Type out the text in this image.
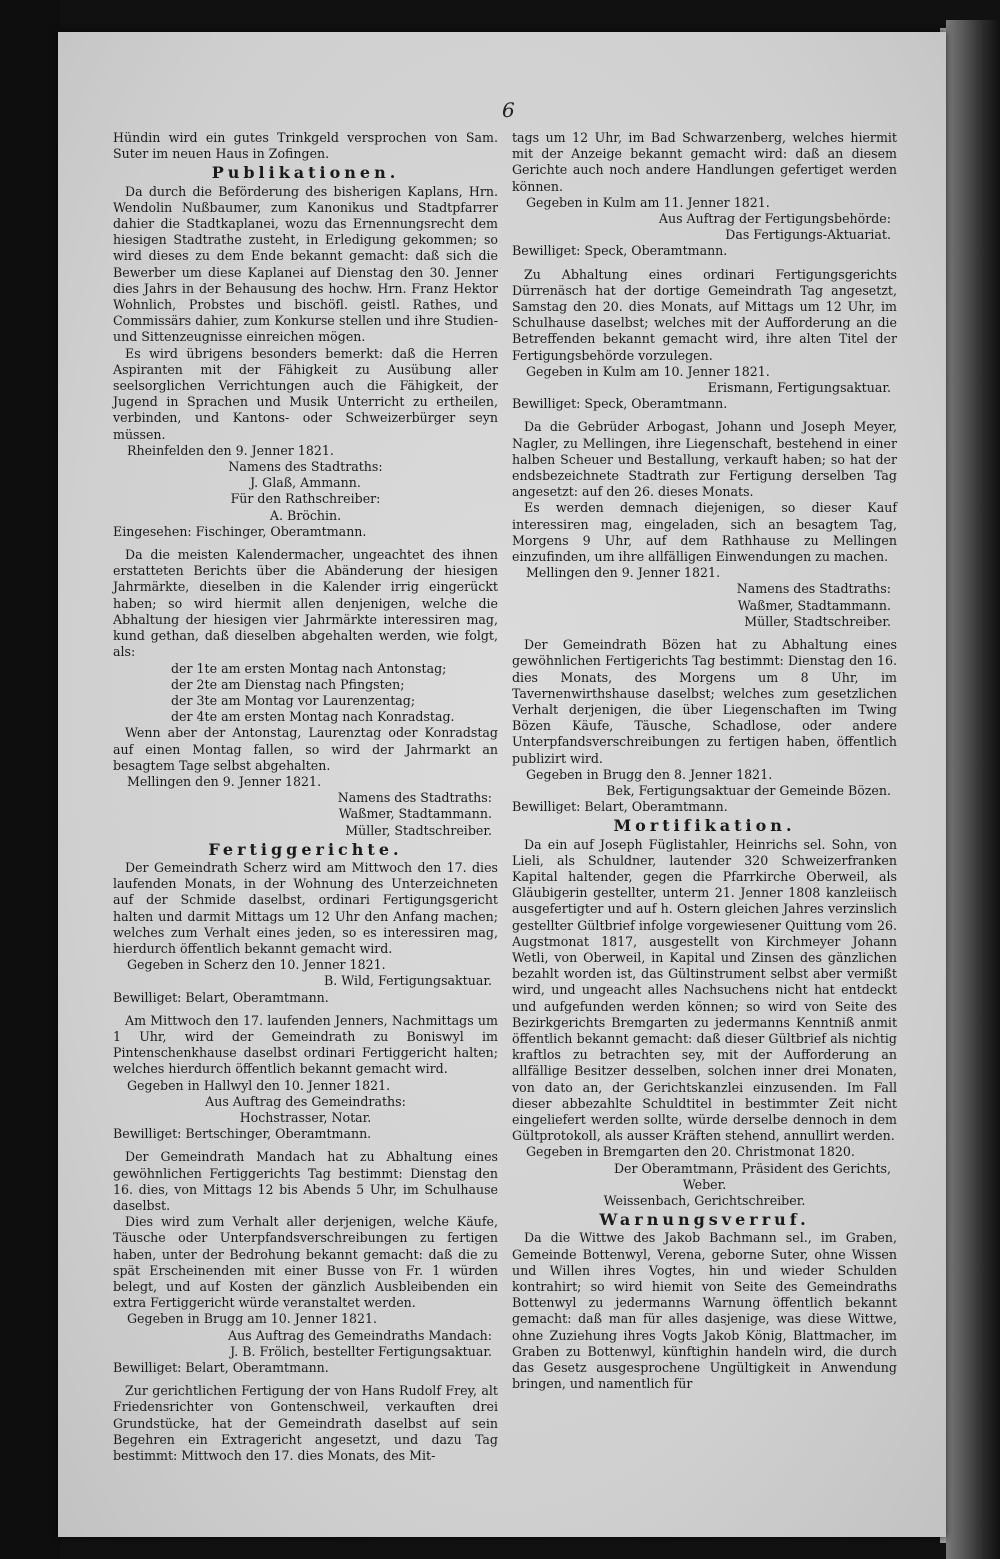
6

Hündin wird ein gutes Trinkgeld versprochen von Sam. Suter im neuen Haus in Zofingen.

Publikationen.

Da durch die Beförderung des bisherigen Kaplans, Hrn. Wendolin Nußbaumer, zum Kanonikus und Stadtpfarrer dahier die Stadtkaplanei, wozu das Ernennungsrecht dem hiesigen Stadtrathe zusteht, in Erledigung gekommen; so wird dieses zu dem Ende bekannt gemacht: daß sich die Bewerber um diese Kaplanei auf Dienstag den 30. Jenner dies Jahrs in der Behausung des hochw. Hrn. Franz Hektor Wohnlich, Probstes und bischöfl. geistl. Rathes, und Commissärs dahier, zum Konkurse stellen und ihre Studien- und Sittenzeugnisse einreichen mögen.

Es wird übrigens besonders bemerkt: daß die Herren Aspiranten mit der Fähigkeit zu Ausübung aller seelsorglichen Verrichtungen auch die Fähigkeit, der Jugend in Sprachen und Musik Unterricht zu ertheilen, verbinden, und Kantons- oder Schweizerbürger seyn müssen.

Rheinfelden den 9. Jenner 1821.

Namens des Stadtraths:

J. Glaß, Ammann.

Für den Rathschreiber:

A. Bröchin.

Eingesehen: Fischinger, Oberamtmann.

Da die meisten Kalendermacher, ungeachtet des ihnen erstatteten Berichts über die Abänderung der hiesigen Jahrmärkte, dieselben in die Kalender irrig eingerückt haben; so wird hiermit allen denjenigen, welche die Abhaltung der hiesigen vier Jahrmärkte interessiren mag, kund gethan, daß dieselben abgehalten werden, wie folgt, als:

der 1te am ersten Montag nach Antonstag;

der 2te am Dienstag nach Pfingsten;

der 3te am Montag vor Laurenzentag;

der 4te am ersten Montag nach Konradstag.

Wenn aber der Antonstag, Laurenztag oder Konradstag auf einen Montag fallen, so wird der Jahrmarkt an besagtem Tage selbst abgehalten.

Mellingen den 9. Jenner 1821.

Namens des Stadtraths:

Waßmer, Stadtammann.

Müller, Stadtschreiber.

Fertiggerichte.

Der Gemeindrath Scherz wird am Mittwoch den 17. dies laufenden Monats, in der Wohnung des Unterzeichneten auf der Schmide daselbst, ordinari Fertigungsgericht halten und darmit Mittags um 12 Uhr den Anfang machen; welches zum Verhalt eines jeden, so es interessiren mag, hierdurch öffentlich bekannt gemacht wird.

Gegeben in Scherz den 10. Jenner 1821.

B. Wild, Fertigungsaktuar.

Bewilliget: Belart, Oberamtmann.

Am Mittwoch den 17. laufenden Jenners, Nachmittags um 1 Uhr, wird der Gemeindrath zu Boniswyl im Pintenschenkhause daselbst ordinari Fertiggericht halten; welches hierdurch öffentlich bekannt gemacht wird.

Gegeben in Hallwyl den 10. Jenner 1821.

Aus Auftrag des Gemeindraths:

Hochstrasser, Notar.

Bewilliget: Bertschinger, Oberamtmann.

Der Gemeindrath Mandach hat zu Abhaltung eines gewöhnlichen Fertiggerichts Tag bestimmt: Dienstag den 16. dies, von Mittags 12 bis Abends 5 Uhr, im Schulhause daselbst.

Dies wird zum Verhalt aller derjenigen, welche Käufe, Täusche oder Unterpfandsverschreibungen zu fertigen haben, unter der Bedrohung bekannt gemacht: daß die zu spät Erscheinenden mit einer Busse von Fr. 1 würden belegt, und auf Kosten der gänzlich Ausbleibenden ein extra Fertiggericht würde veranstaltet werden.

Gegeben in Brugg am 10. Jenner 1821.

Aus Auftrag des Gemeindraths Mandach:

J. B. Frölich, bestellter Fertigungsaktuar.

Bewilliget: Belart, Oberamtmann.

Zur gerichtlichen Fertigung der von Hans Rudolf Frey, alt Friedensrichter von Gontenschweil, verkauften drei Grundstücke, hat der Gemeindrath daselbst auf sein Begehren ein Extragericht angesetzt, und dazu Tag bestimmt: Mittwoch den 17. dies Monats, des Mit-

tags um 12 Uhr, im Bad Schwarzenberg, welches hiermit mit der Anzeige bekannt gemacht wird: daß an diesem Gerichte auch noch andere Handlungen gefertiget werden können.

Gegeben in Kulm am 11. Jenner 1821.

Aus Auftrag der Fertigungsbehörde:

Das Fertigungs-Aktuariat.

Bewilliget: Speck, Oberamtmann.

Zu Abhaltung eines ordinari Fertigungsgerichts Dürrenäsch hat der dortige Gemeindrath Tag angesetzt, Samstag den 20. dies Monats, auf Mittags um 12 Uhr, im Schulhause daselbst; welches mit der Aufforderung an die Betreffenden bekannt gemacht wird, ihre alten Titel der Fertigungsbehörde vorzulegen.

Gegeben in Kulm am 10. Jenner 1821.

Erismann, Fertigungsaktuar.

Bewilliget: Speck, Oberamtmann.

Da die Gebrüder Arbogast, Johann und Joseph Meyer, Nagler, zu Mellingen, ihre Liegenschaft, bestehend in einer halben Scheuer und Bestallung, verkauft haben; so hat der endsbezeichnete Stadtrath zur Fertigung derselben Tag angesetzt: auf den 26. dieses Monats.

Es werden demnach diejenigen, so dieser Kauf interessiren mag, eingeladen, sich an besagtem Tag, Morgens 9 Uhr, auf dem Rathhause zu Mellingen einzufinden, um ihre allfälligen Einwendungen zu machen.

Mellingen den 9. Jenner 1821.

Namens des Stadtraths:

Waßmer, Stadtammann.

Müller, Stadtschreiber.

Der Gemeindrath Bözen hat zu Abhaltung eines gewöhnlichen Fertigerichts Tag bestimmt: Dienstag den 16. dies Monats, des Morgens um 8 Uhr, im Tavernenwirthshause daselbst; welches zum gesetzlichen Verhalt derjenigen, die über Liegenschaften im Twing Bözen Käufe, Täusche, Schadlose, oder andere Unterpfandsverschreibungen zu fertigen haben, öffentlich publizirt wird.

Gegeben in Brugg den 8. Jenner 1821.

Bek, Fertigungsaktuar der Gemeinde Bözen.

Bewilliget: Belart, Oberamtmann.

Mortifikation.

Da ein auf Joseph Füglistahler, Heinrichs sel. Sohn, von Lieli, als Schuldner, lautender 320 Schweizerfranken Kapital haltender, gegen die Pfarrkirche Oberweil, als Gläubigerin gestellter, unterm 21. Jenner 1808 kanzleiisch ausgefertigter und auf h. Ostern gleichen Jahres verzinslich gestellter Gültbrief infolge vorgewiesener Quittung vom 26. Augstmonat 1817, ausgestellt von Kirchmeyer Johann Wetli, von Oberweil, in Kapital und Zinsen des gänzlichen bezahlt worden ist, das Gültinstrument selbst aber vermißt wird, und ungeacht alles Nachsuchens nicht hat entdeckt und aufgefunden werden können; so wird von Seite des Bezirkgerichts Bremgarten zu jedermanns Kenntniß anmit öffentlich bekannt gemacht: daß dieser Gültbrief als nichtig kraftlos zu betrachten sey, mit der Aufforderung an allfällige Besitzer desselben, solchen inner drei Monaten, von dato an, der Gerichtskanzlei einzusenden. Im Fall dieser abbezahlte Schuldtitel in bestimmter Zeit nicht eingeliefert werden sollte, würde derselbe dennoch in dem Gültprotokoll, als ausser Kräften stehend, annullirt werden.

Gegeben in Bremgarten den 20. Christmonat 1820.

Der Oberamtmann, Präsident des Gerichts,

Weber.

Weissenbach, Gerichtschreiber.

Warnungsverruf.

Da die Wittwe des Jakob Bachmann sel., im Graben, Gemeinde Bottenwyl, Verena, geborne Suter, ohne Wissen und Willen ihres Vogtes, hin und wieder Schulden kontrahirt; so wird hiemit von Seite des Gemeindraths Bottenwyl zu jedermanns Warnung öffentlich bekannt gemacht: daß man für alles dasjenige, was diese Wittwe, ohne Zuziehung ihres Vogts Jakob König, Blattmacher, im Graben zu Bottenwyl, künftighin handeln wird, die durch das Gesetz ausgesprochene Ungültigkeit in Anwendung bringen, und namentlich für
